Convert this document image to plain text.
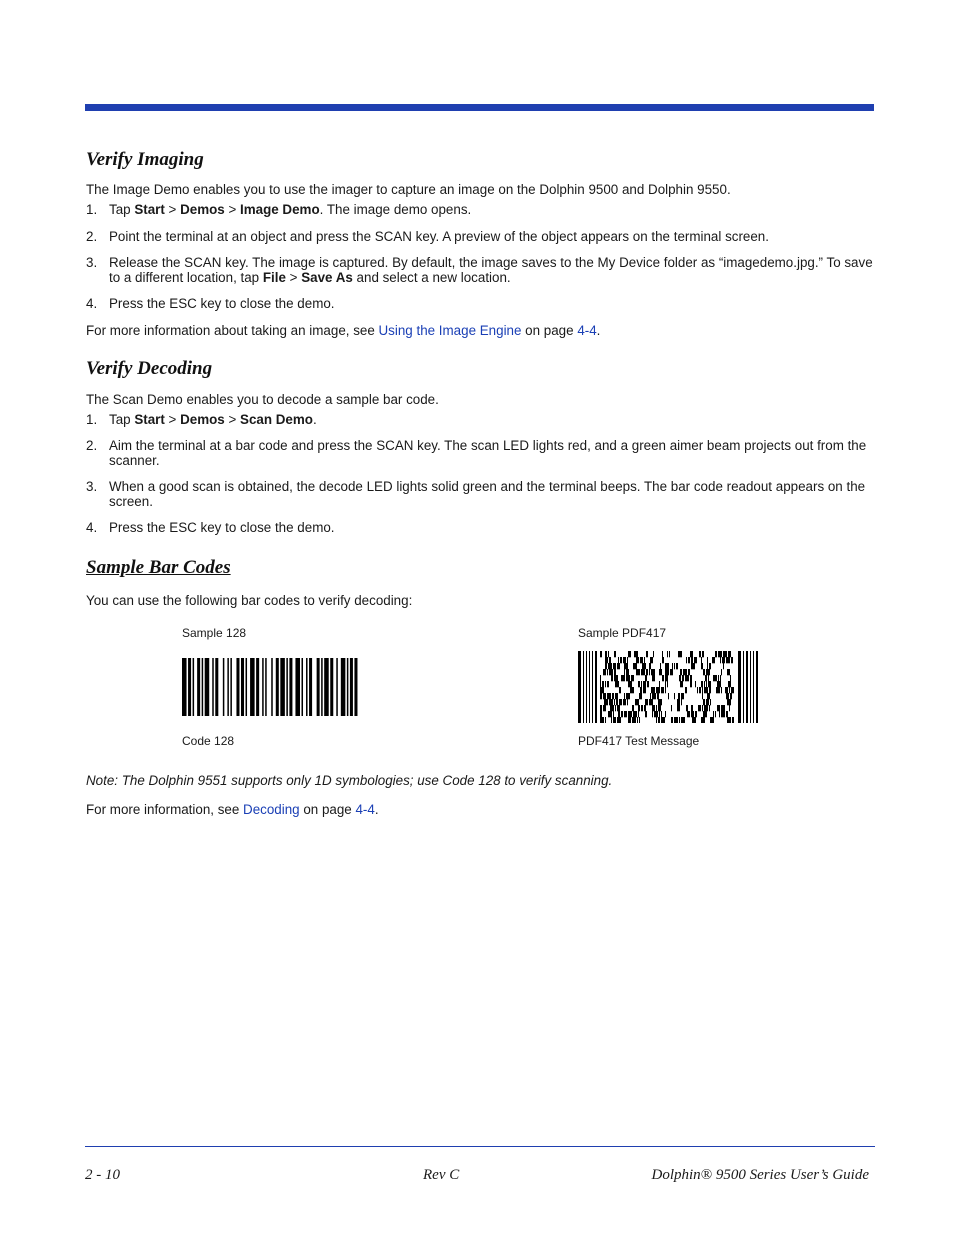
Verify Imaging

The Image Demo enables you to use the imager to capture an image on the Dolphin 9500 and Dolphin 9550.

1. Tap Start > Demos > Image Demo. The image demo opens.
2. Point the terminal at an object and press the SCAN key. A preview of the object appears on the terminal screen.
3. Release the SCAN key. The image is captured. By default, the image saves to the My Device folder as “imagedemo.jpg.” To save to a different location, tap File > Save As and select a new location.
4. Press the ESC key to close the demo.

For more information about taking an image, see Using the Image Engine on page 4-4.

Verify Decoding

The Scan Demo enables you to decode a sample bar code.

1. Tap Start > Demos > Scan Demo.
2. Aim the terminal at a bar code and press the SCAN key. The scan LED lights red, and a green aimer beam projects out from the scanner.
3. When a good scan is obtained, the decode LED lights solid green and the terminal beeps. The bar code readout appears on the screen.
4. Press the ESC key to close the demo.
Sample Bar Codes

You can use the following bar codes to verify decoding:

Sample 128
Code 128
Sample PDF417
PDF417 Test Message

Note: The Dolphin 9551 supports only 1D symbologies; use Code 128 to verify scanning.

For more information, see Decoding on page 4-4.

2 - 10	Rev C	Dolphin® 9500 Series User’s Guide
